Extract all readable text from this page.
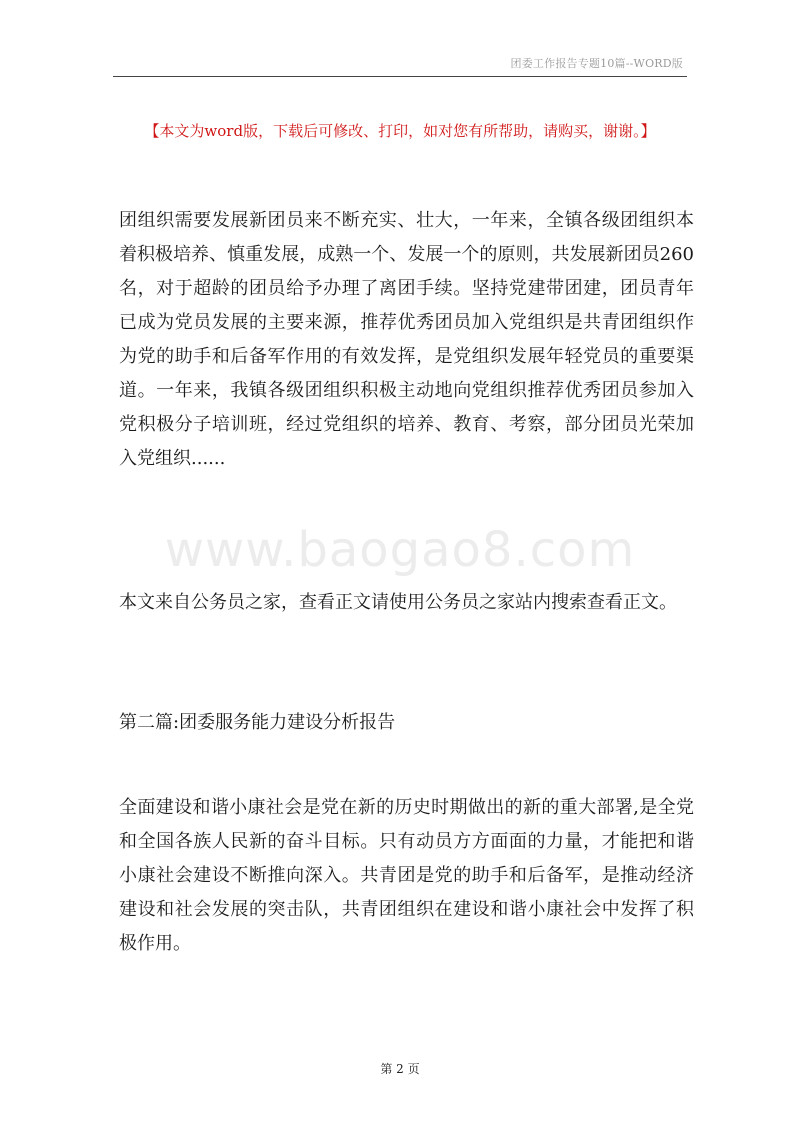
团委工作报告专题10篇--WORD版
【本文为word版，下载后可修改、打印，如对您有所帮助，请购买，谢谢。】

团组织需要发展新团员来不断充实、壮大，一年来，全镇各级团组织本着积极培养、慎重发展，成熟一个、发展一个的原则，共发展新团员260名，对于超龄的团员给予办理了离团手续。坚持党建带团建，团员青年已成为党员发展的主要来源，推荐优秀团员加入党组织是共青团组织作为党的助手和后备军作用的有效发挥，是党组织发展年轻党员的重要渠道。一年来，我镇各级团组织积极主动地向党组织推荐优秀团员参加入党积极分子培训班，经过党组织的培养、教育、考察，部分团员光荣加入党组织......

www.baogao8.com

本文来自公务员之家，查看正文请使用公务员之家站内搜索查看正文。

第二篇:团委服务能力建设分析报告

全面建设和谐小康社会是党在新的历史时期做出的新的重大部署,是全党和全国各族人民新的奋斗目标。只有动员方方面面的力量，才能把和谐小康社会建设不断推向深入。共青团是党的助手和后备军，是推动经济建设和社会发展的突击队，共青团组织在建设和谐小康社会中发挥了积极作用。

第 2 页
